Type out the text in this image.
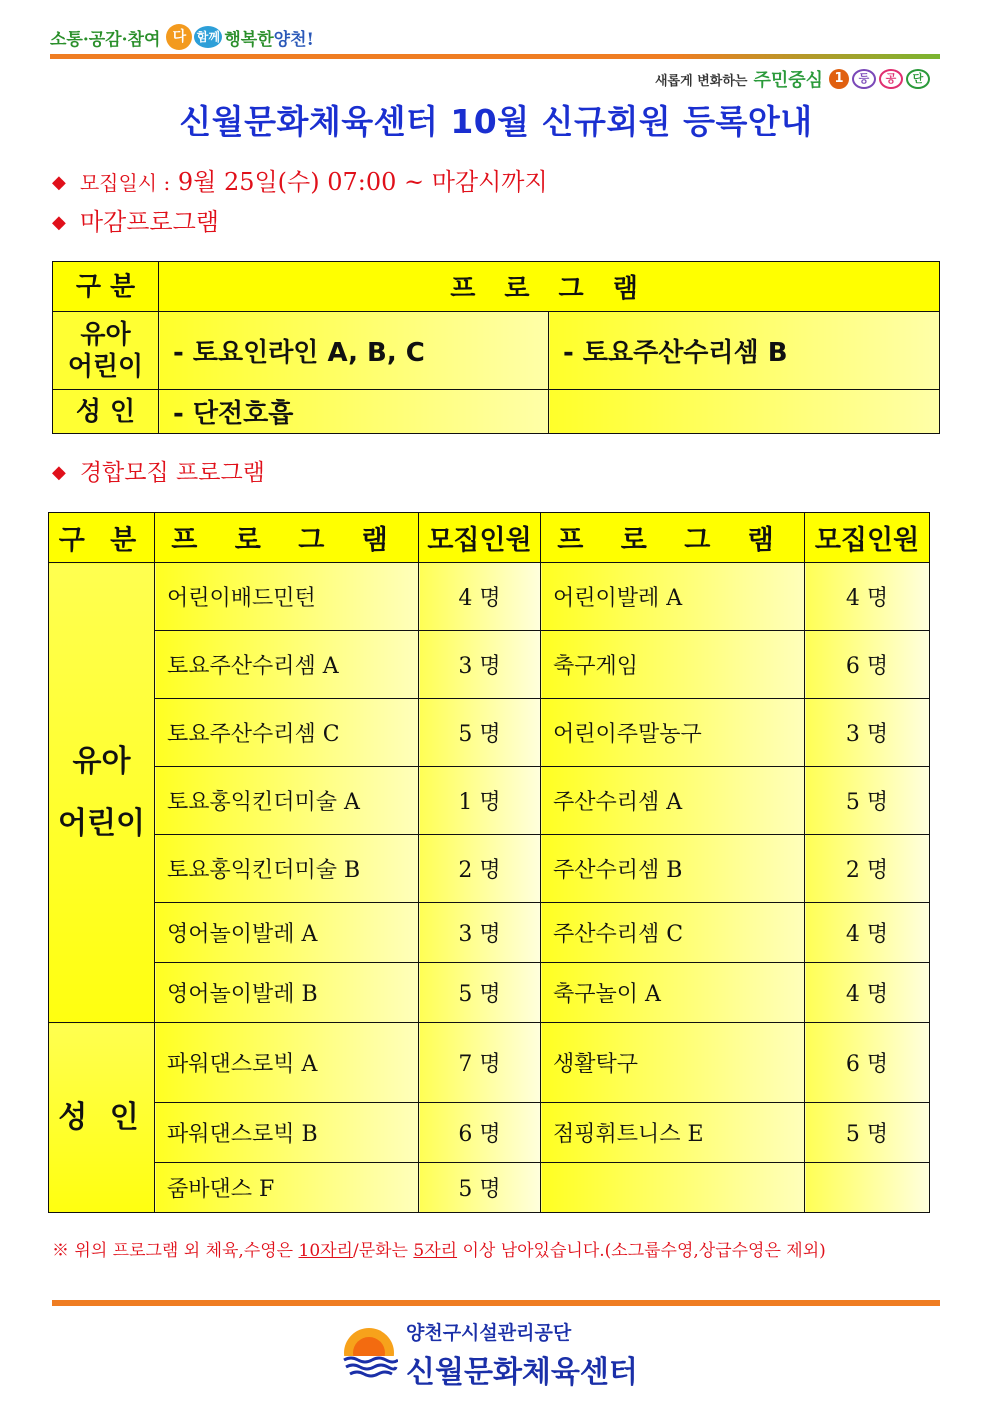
소통·공감·참여 다 함께 행복한 양천!
새롭게 변화하는 주민중심 1	등	공	단
신월문화체육센터 10월 신규회원 등록안내
◆ 모집일시 : 9월 25일(수) 07:00 ~ 마감시까지
◆ 마감프로그램
구 분	프 로 그 램	
유아
어린이	- 토요인라인 A, B, C	- 토요주산수리셈 B
성 인	- 단전호흡	
◆ 경합모집 프로그램
구 분	프 로 그 램	모집인원	프 로 그 램	모집인원
유아
어린이	어린이배드민턴	4 명	어린이발레 A	4 명
	토요주산수리셈 A	3 명	축구게임	6 명
	토요주산수리셈 C	5 명	어린이주말농구	3 명
	토요홍익킨더미술 A	1 명	주산수리셈 A	5 명
	토요홍익킨더미술 B	2 명	주산수리셈 B	2 명
	영어놀이발레 A	3 명	주산수리셈 C	4 명
	영어놀이발레 B	5 명	축구놀이 A	4 명
성 인	파워댄스로빅 A	7 명	생활탁구	6 명
	파워댄스로빅 B	6 명	점핑휘트니스 E	5 명
	줌바댄스 F	5 명		
※ 위의 프로그램 외 체육,수영은 10자리/문화는 5자리 이상 남아있습니다.(소그룹수영,상급수영은 제외)
양천구시설관리공단
신월문화체육센터
